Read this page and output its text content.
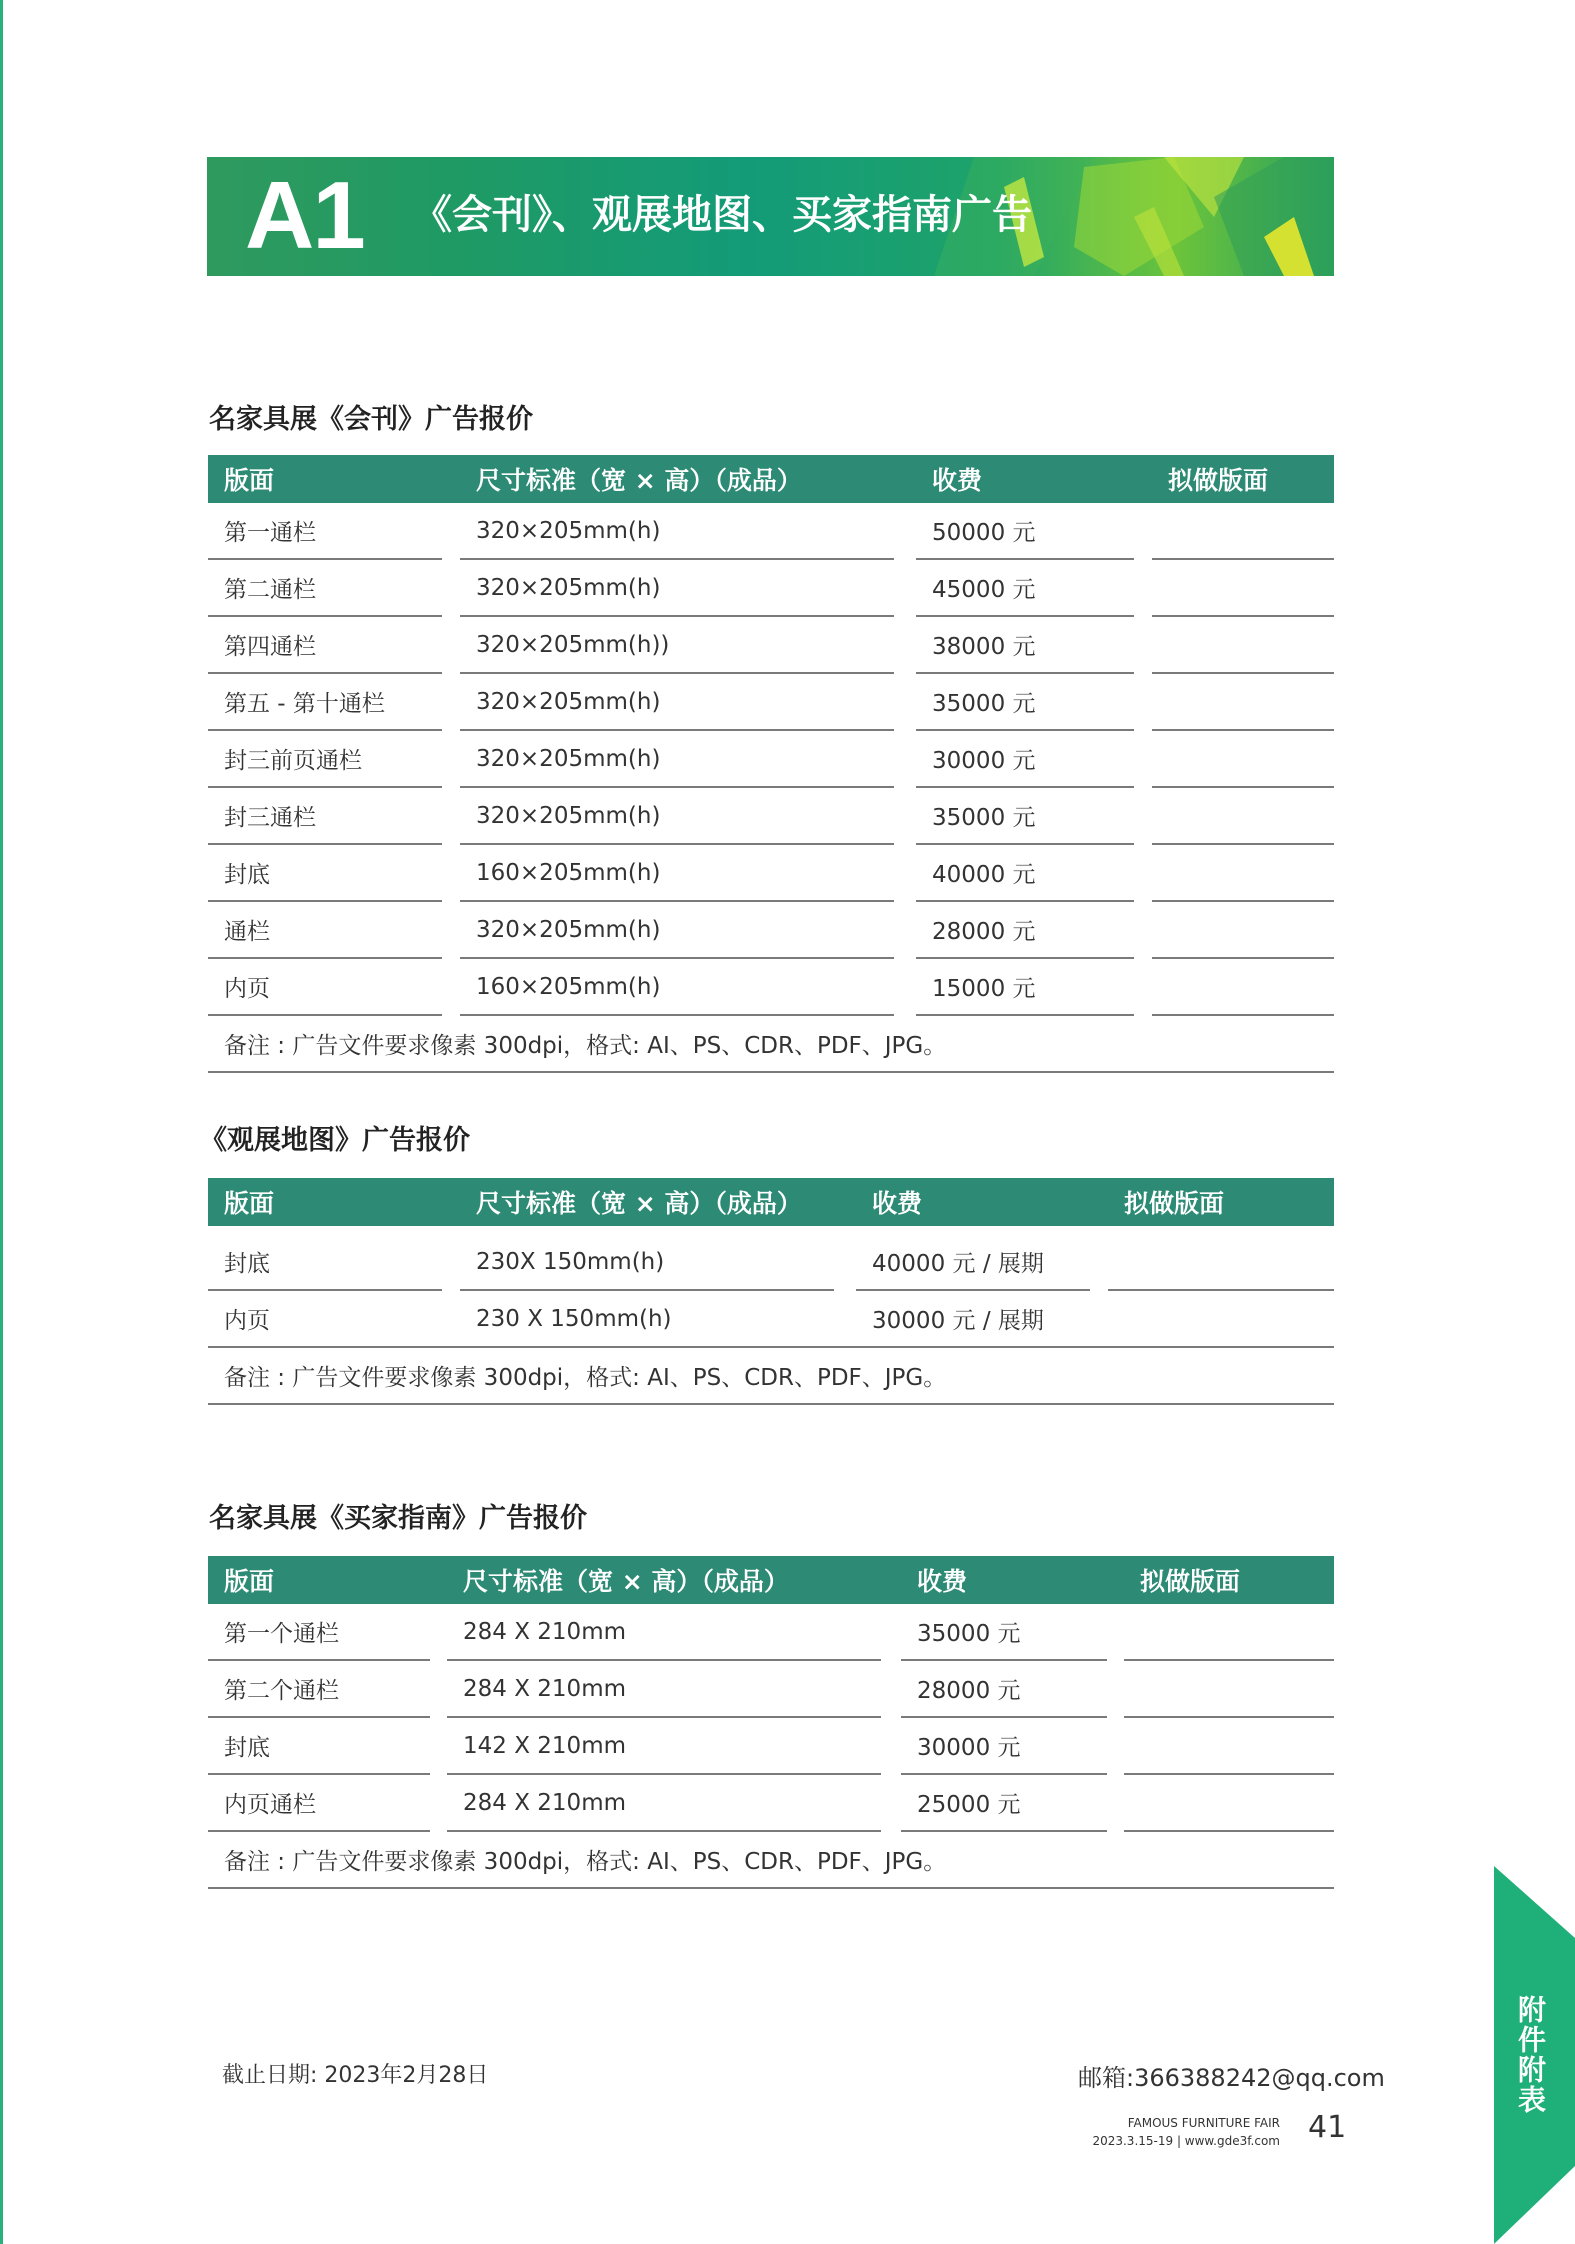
A1 《会刊》、观展地图、买家指南广告
名家具展《会刊》广告报价
版面		尺寸标准（宽 × 高）（成品）		收费		拟做版面
第一通栏		320×205mm(h)		50000 元		
第二通栏		320×205mm(h)		45000 元		
第四通栏		320×205mm(h))		38000 元		
第五 - 第十通栏		320×205mm(h)		35000 元		
封三前页通栏		320×205mm(h)		30000 元		
封三通栏		320×205mm(h)		35000 元		
封底		160×205mm(h)		40000 元		
通栏		320×205mm(h)		28000 元		
内页		160×205mm(h)		15000 元		
备注 : 广告文件要求像素 300dpi，格式: AI、PS、CDR、PDF、JPG。						
《观展地图》广告报价
版面		尺寸标准（宽 × 高）（成品）		收费		拟做版面

封底		230X 150mm(h)		40000 元 / 展期		
内页		230 X 150mm(h)		30000 元 / 展期		
备注 : 广告文件要求像素 300dpi，格式: AI、PS、CDR、PDF、JPG。						
名家具展《买家指南》广告报价
版面		尺寸标准（宽 × 高）（成品）		收费		拟做版面
第一个通栏		284 X 210mm		35000 元		
第二个通栏		284 X 210mm		28000 元		
封底		142 X 210mm		30000 元		
内页通栏		284 X 210mm		25000 元		
备注 : 广告文件要求像素 300dpi，格式: AI、PS、CDR、PDF、JPG。						
截止日期: 2023年2月28日	邮箱:366388242@qq.com
FAMOUS FURNITURE FAIR
2023.3.15-19 | www.gde3f.com 41
附件附表
